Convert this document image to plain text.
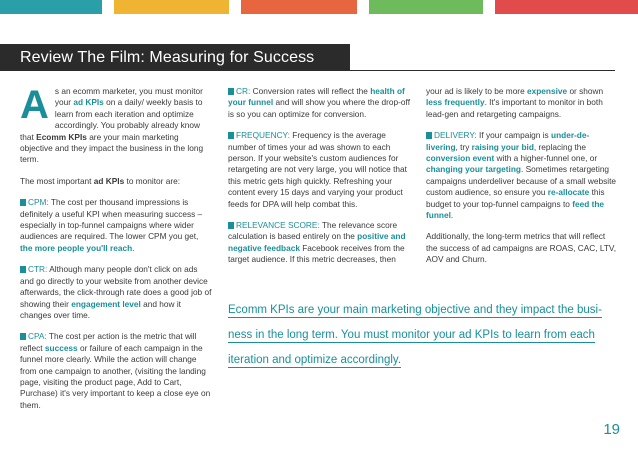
Review The Film: Measuring for Success

As an ecomm marketer, you must monitor your ad KPIs on a daily/ weekly basis to learn from each iteration and optimize accordingly. You probably already know that Ecomm KPIs are your main marketing objective and they impact the business in the long term.

The most important ad KPIs to monitor are:

CPM: The cost per thousand impressions is definitely a useful KPI when measuring success – especially in top-funnel campaigns where wider audiences are required. The lower CPM you get, the more people you'll reach.

CTR: Although many people don't click on ads and go directly to your website from another device afterwards, the click-through rate does a good job of showing their engagement level and how it changes over time.

CPA: The cost per action is the metric that will reflect success or failure of each campaign in the funnel more clearly. While the action will change from one campaign to another, (visiting the landing page, visiting the product page, Add to Cart, Purchase) it's very important to keep a close eye on them.

CR: Conversion rates will reflect the health of your funnel and will show you where the drop-off is so you can optimize for conversion.

FREQUENCY: Frequency is the average number of times your ad was shown to each person. If your website's custom audiences for retargeting are not very large, you will notice that this metric gets high quickly. Refreshing your content every 15 days and varying your product feeds for DPA will help combat this.

RELEVANCE SCORE: The relevance score calculation is based entirely on the positive and negative feedback Facebook receives from the target audience. If this metric decreases, then

your ad is likely to be more expensive or shown less frequently. It's important to monitor in both lead-gen and retargeting campaigns.

DELIVERY: If your campaign is under-delivering, try raising your bid, replacing the conversion event with a higher-funnel one, or changing your targeting. Sometimes retargeting campaigns underdeliver because of a small website custom audience, so ensure you re-allocate this budget to your top-funnel campaigns to feed the funnel.

Additionally, the long-term metrics that will reflect the success of ad campaigns are ROAS, CAC, LTV, AOV and Churn.

Ecomm KPIs are your main marketing objective and they impact the business in the long term. You must monitor your ad KPIs to learn from each iteration and optimize accordingly.
19
